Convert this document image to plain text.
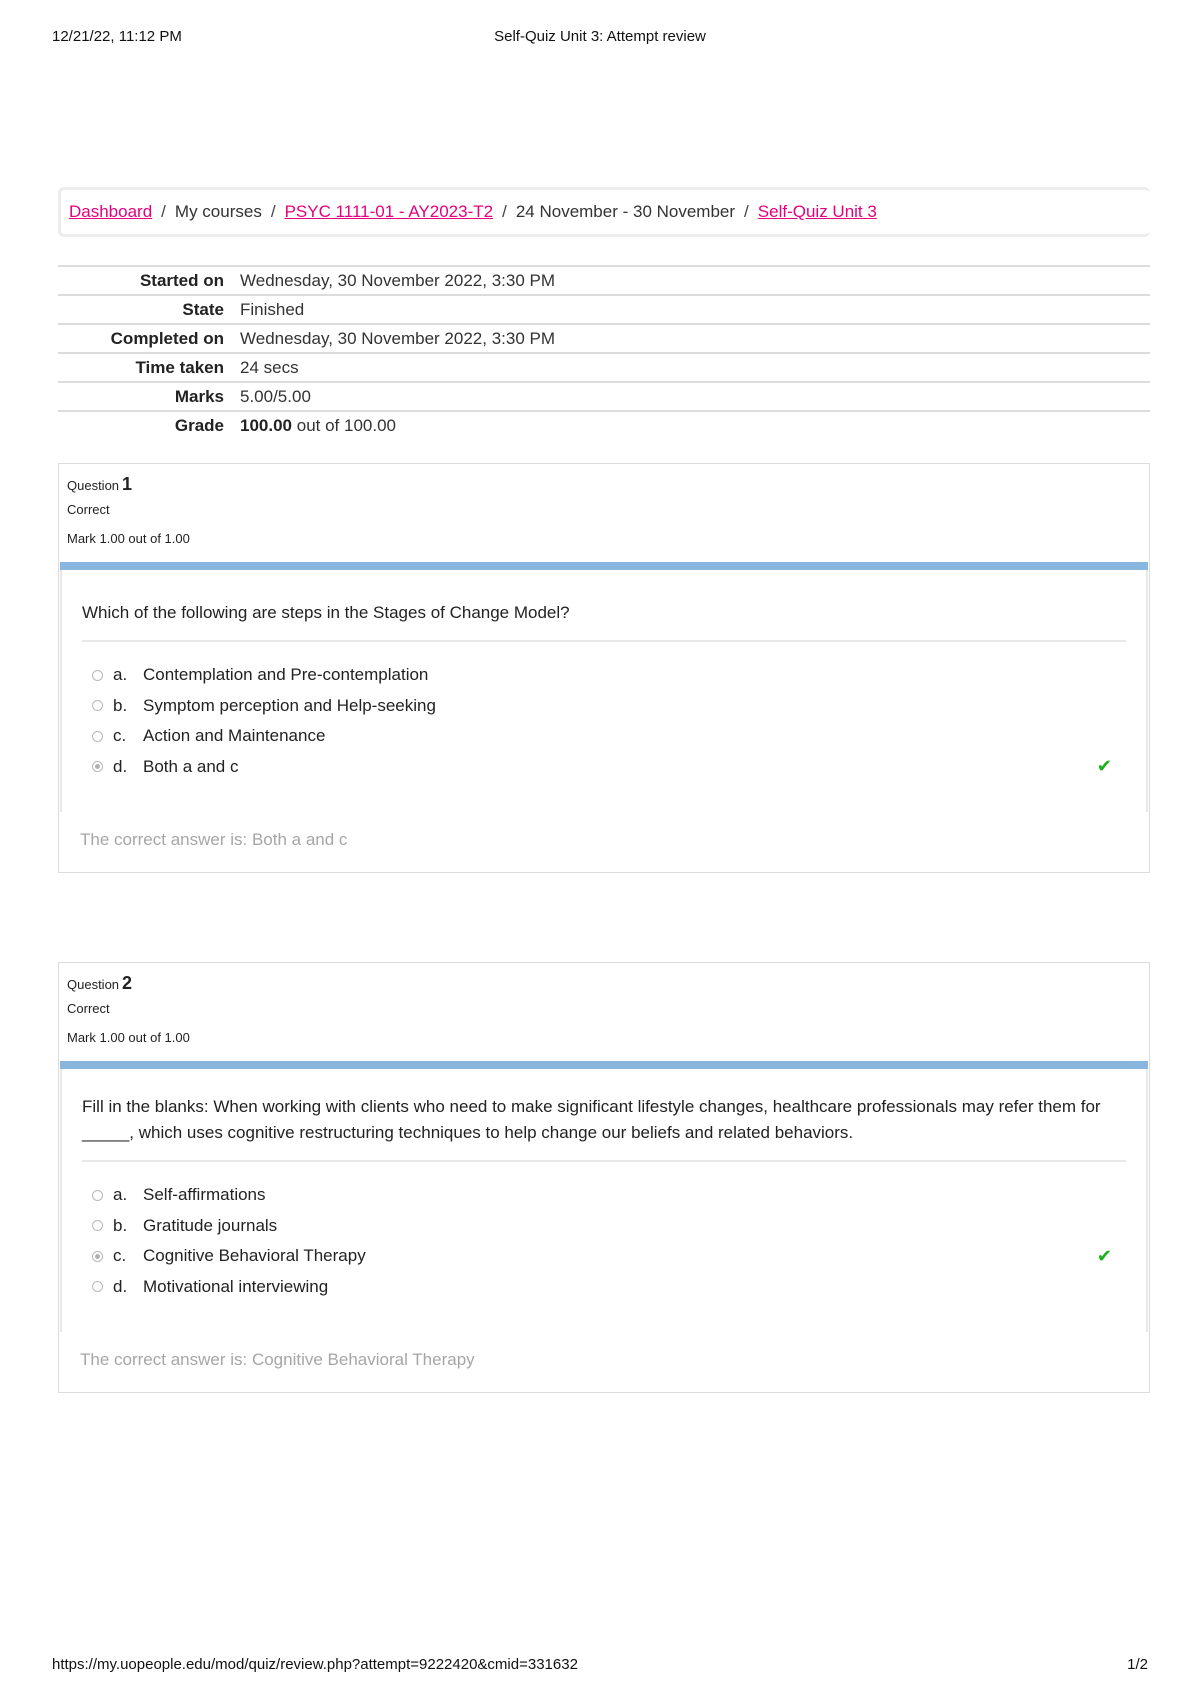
12/21/22, 11:12 PM	Self-Quiz Unit 3: Attempt review
Dashboard / My courses / PSYC 1111-01 - AY2023-T2 / 24 November - 30 November / Self-Quiz Unit 3
Started on	Wednesday, 30 November 2022, 3:30 PM
State	Finished
Completed on	Wednesday, 30 November 2022, 3:30 PM
Time taken	24 secs
Marks	5.00/5.00
Grade	100.00 out of 100.00
Question 1
Correct
Mark 1.00 out of 1.00
Which of the following are steps in the Stages of Change Model?
a. Contemplation and Pre-contemplation
b. Symptom perception and Help-seeking
c. Action and Maintenance
d. Both a and c	✔
The correct answer is: Both a and c
Question 2
Correct
Mark 1.00 out of 1.00
Fill in the blanks: When working with clients who need to make significant lifestyle changes, healthcare professionals may refer them for _____, which uses cognitive restructuring techniques to help change our beliefs and related behaviors.
a. Self-affirmations
b. Gratitude journals
c. Cognitive Behavioral Therapy	✔
d. Motivational interviewing
The correct answer is: Cognitive Behavioral Therapy
https://my.uopeople.edu/mod/quiz/review.php?attempt=9222420&cmid=331632	1/2
